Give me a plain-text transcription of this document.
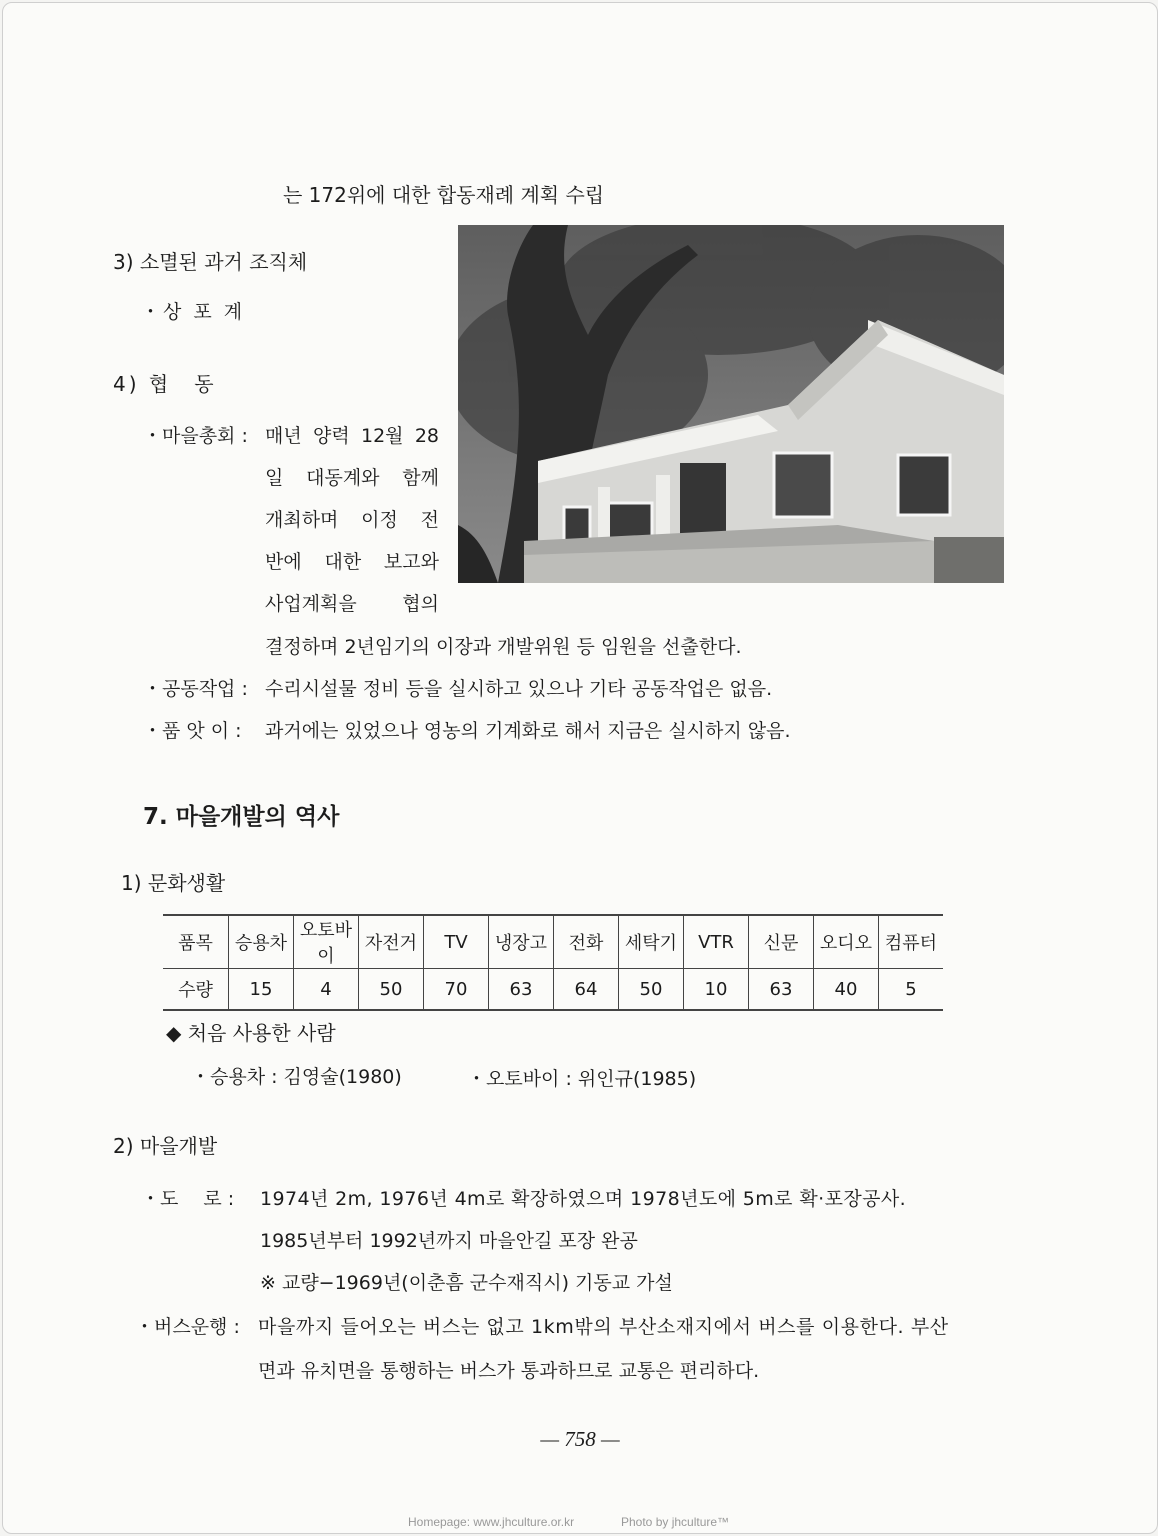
는 172위에 대한 합동재례 계획 수립
3) 소멸된 과거 조직체
・상 포 계
4) 협　동
・마을총회 : 매년 양력 12월 28
일 대동계와 함께
개최하며 이정 전
반에 대한 보고와
사업계획을 협의
결정하며 2년임기의 이장과 개발위원 등 임원을 선출한다.
・공동작업 : 수리시설물 정비 등을 실시하고 있으나 기타 공동작업은 없음.
・품 앗 이 : 과거에는 있었으나 영농의 기계화로 해서 지금은 실시하지 않음.
7. 마을개발의 역사
1) 문화생활
품목	승용차	오토바이	자전거	TV	냉장고	전화	세탁기	VTR	신문	오디오	컴퓨터
수량	15	4	50	70	63	64	50	10	63	40	5
◆ 처음 사용한 사람
・승용차 : 김영술(1980)	・오토바이 : 위인규(1985)
2) 마을개발
・도　 로 : 1974년 2m, 1976년 4m로 확장하였으며 1978년도에 5m로 확·포장공사.
1985년부터 1992년까지 마을안길 포장 완공
※ 교량−1969년(이춘흠 군수재직시) 기동교 가설
・버스운행 : 마을까지 들어오는 버스는 없고 1km밖의 부산소재지에서 버스를 이용한다. 부산
면과 유치면을 통행하는 버스가 통과하므로 교통은 편리하다.
— 758 —
Homepage: www.jhculture.or.kr	Photo by jhculture™
